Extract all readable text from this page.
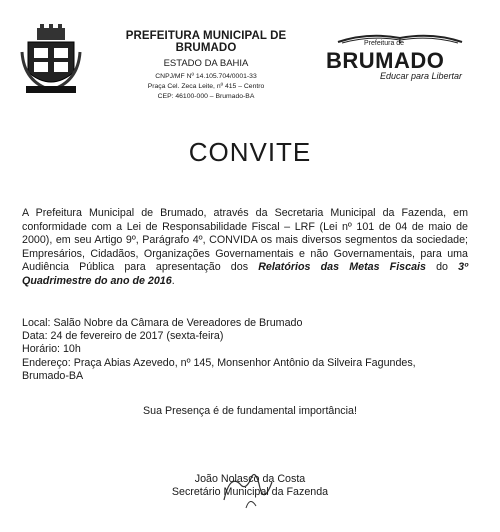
PREFEITURA MUNICIPAL DE BRUMADO
ESTADO DA BAHIA
CNPJ/MF Nº 14.105.704/0001-33
Praça Cel. Zeca Leite, nº 415 – Centro
CEP: 46100-000 – Brumado-BA
Prefeitura de
BRUMADO
Educar para Libertar
CONVITE
A Prefeitura Municipal de Brumado, através da Secretaria Municipal da Fazenda, em conformidade com a Lei de Responsabilidade Fiscal – LRF (Lei nº 101 de 04 de maio de 2000), em seu Artigo 9º, Parágrafo 4º, CONVIDA os mais diversos segmentos da sociedade; Empresários, Cidadãos, Organizações Governamentais e não Governamentais, para uma Audiência Pública para apresentação dos Relatórios das Metas Fiscais do 3º Quadrimestre do ano de 2016.
Local: Salão Nobre da Câmara de Vereadores de Brumado
Data: 24 de fevereiro de 2017 (sexta-feira)
Horário: 10h
Endereço: Praça Abias Azevedo, nº 145, Monsenhor Antônio da Silveira Fagundes,
Brumado-BA
Sua Presença é de fundamental importância!
João Nolasco da Costa
Secretário Municipal da Fazenda
